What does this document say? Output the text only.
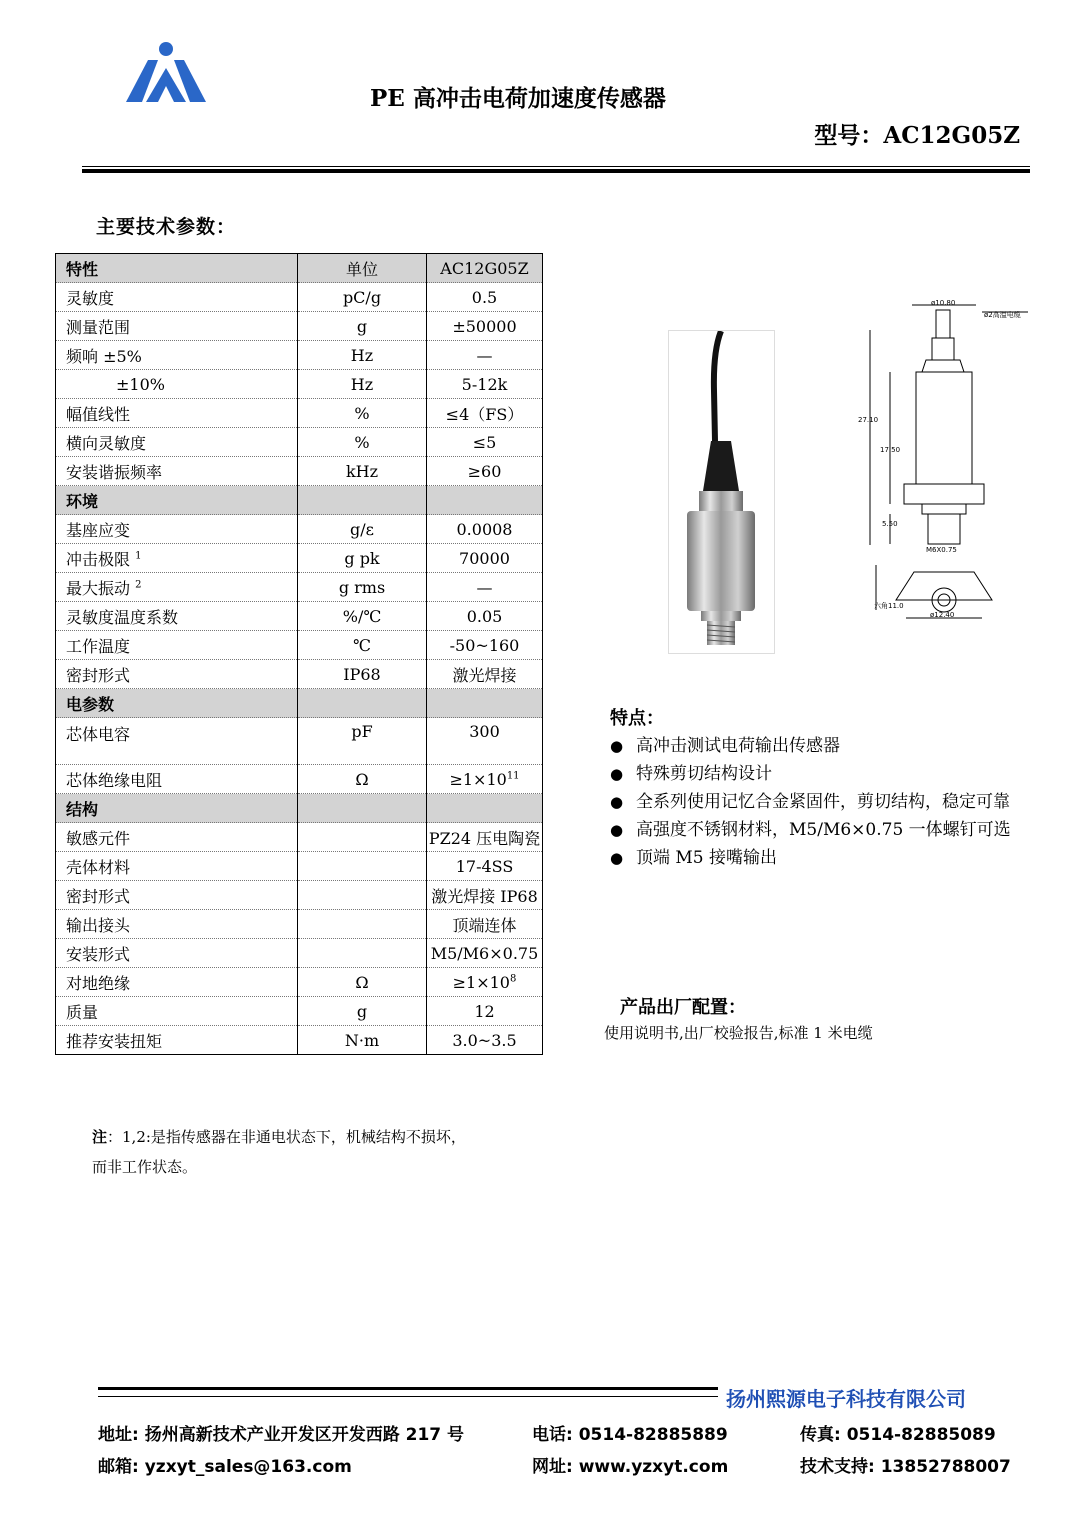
PE 高冲击电荷加速度传感器
型号：AC12G05Z
主要技术参数：
特性	单位	AC12G05Z
灵敏度	pC/g	0.5
测量范围	g	±50000
频响 ±5%	Hz	—
±10%	Hz	5-12k
幅值线性	%	≤4（FS）
横向灵敏度	%	≤5
安装谐振频率	kHz	≥60
环境		
基座应变	g/ε	0.0008
冲击极限 $^1$	g pk	70000
最大振动 $^2$	g rms	—
灵敏度温度系数	%/℃	0.05
工作温度	℃	-50~160
密封形式	IP68	激光焊接
电参数		
芯体电容	pF	300
芯体绝缘电阻	Ω	$\ge 1\times 10^{11}$
结构		
敏感元件		PZ24 压电陶瓷
壳体材料		17-4SS
密封形式		激光焊接 IP68
输出接头		顶端连体
安装形式		M5/M6×0.75
对地绝缘	Ω	$\ge 1\times 10^8$
质量	g	12
推荐安装扭矩	N·m	3.0~3.5
ø10.80
ø2高温电缆
27.10
17.50
5.50
M6X0.75
六角11.0
ø12.40
特点：
● 高冲击测试电荷输出传感器
● 特殊剪切结构设计
● 全系列使用记忆合金紧固件，剪切结构，稳定可靠
● 高强度不锈钢材料，M5/M6×0.75 一体螺钉可选
● 顶端 M5 接嘴输出
产品出厂配置：
使用说明书,出厂校验报告,标准 1 米电缆
注：1,2:是指传感器在非通电状态下，机械结构不损坏，
而非工作状态。
扬州熙源电子科技有限公司
地址: 扬州高新技术产业开发区开发西路 217 号	电话: 0514-82885889	传真: 0514-82885089
邮箱: yzxyt_sales@163.com	网址: www.yzxyt.com	技术支持: 13852788007
